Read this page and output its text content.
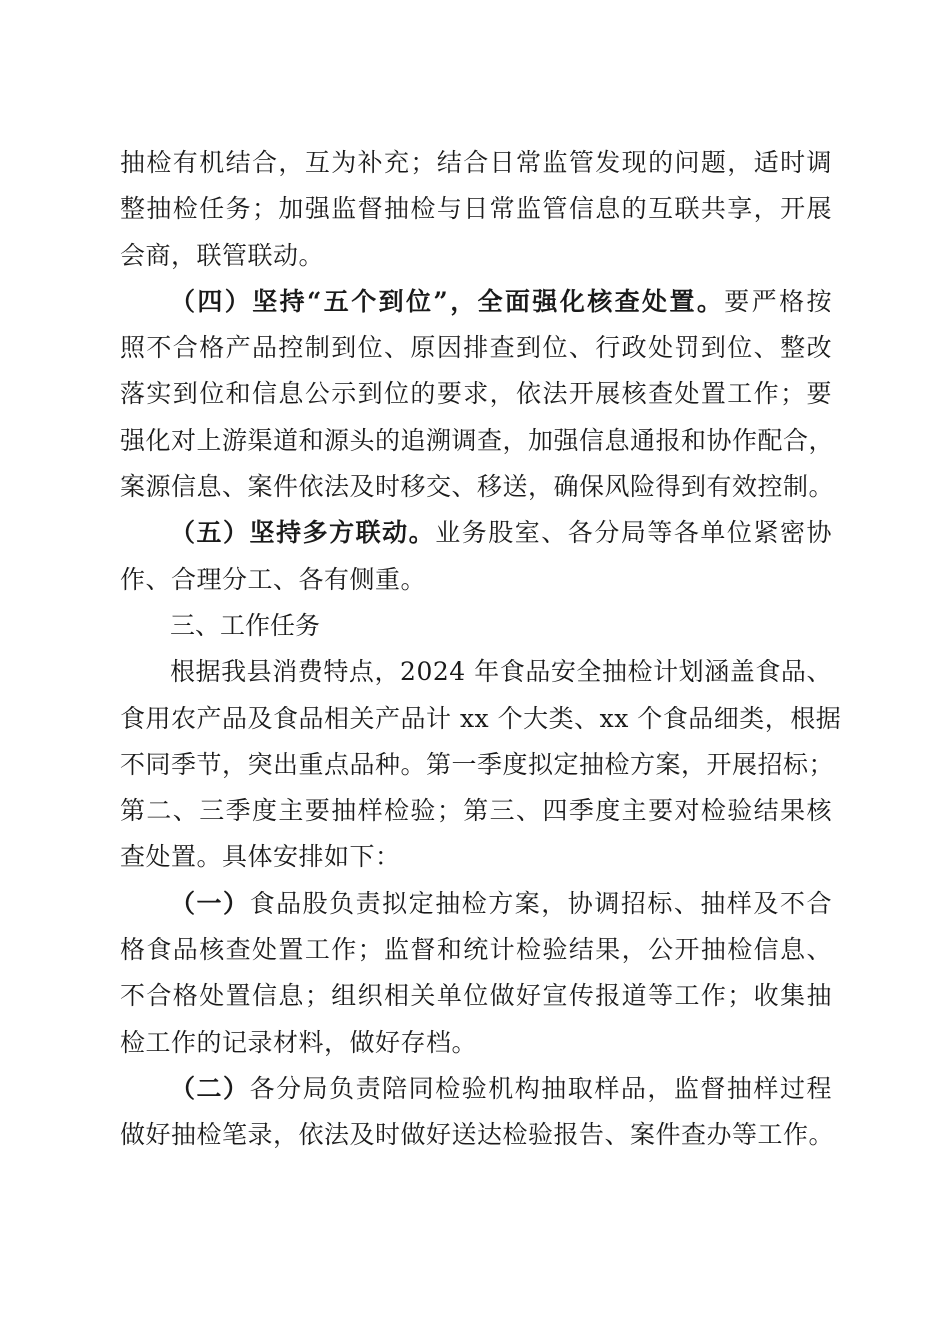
抽检有机结合，互为补充；结合日常监管发现的问题，适时调
整抽检任务；加强监督抽检与日常监管信息的互联共享，开展
会商，联管联动。
（四）坚持“五个到位”，全面强化核查处置。要严格按
照不合格产品控制到位、原因排查到位、行政处罚到位、整改
落实到位和信息公示到位的要求，依法开展核查处置工作；要
强化对上游渠道和源头的追溯调查，加强信息通报和协作配合，
案源信息、案件依法及时移交、移送，确保风险得到有效控制。
（五）坚持多方联动。业务股室、各分局等各单位紧密协
作、合理分工、各有侧重。
三、工作任务
根据我县消费特点，2024 年食品安全抽检计划涵盖食品、
食用农产品及食品相关产品计 xx 个大类、xx 个食品细类，根据
不同季节，突出重点品种。第一季度拟定抽检方案，开展招标；
第二、三季度主要抽样检验；第三、四季度主要对检验结果核
查处置。具体安排如下：
（一）食品股负责拟定抽检方案，协调招标、抽样及不合
格食品核查处置工作；监督和统计检验结果，公开抽检信息、
不合格处置信息；组织相关单位做好宣传报道等工作；收集抽
检工作的记录材料，做好存档。
（二）各分局负责陪同检验机构抽取样品，监督抽样过程
做好抽检笔录，依法及时做好送达检验报告、案件查办等工作。
